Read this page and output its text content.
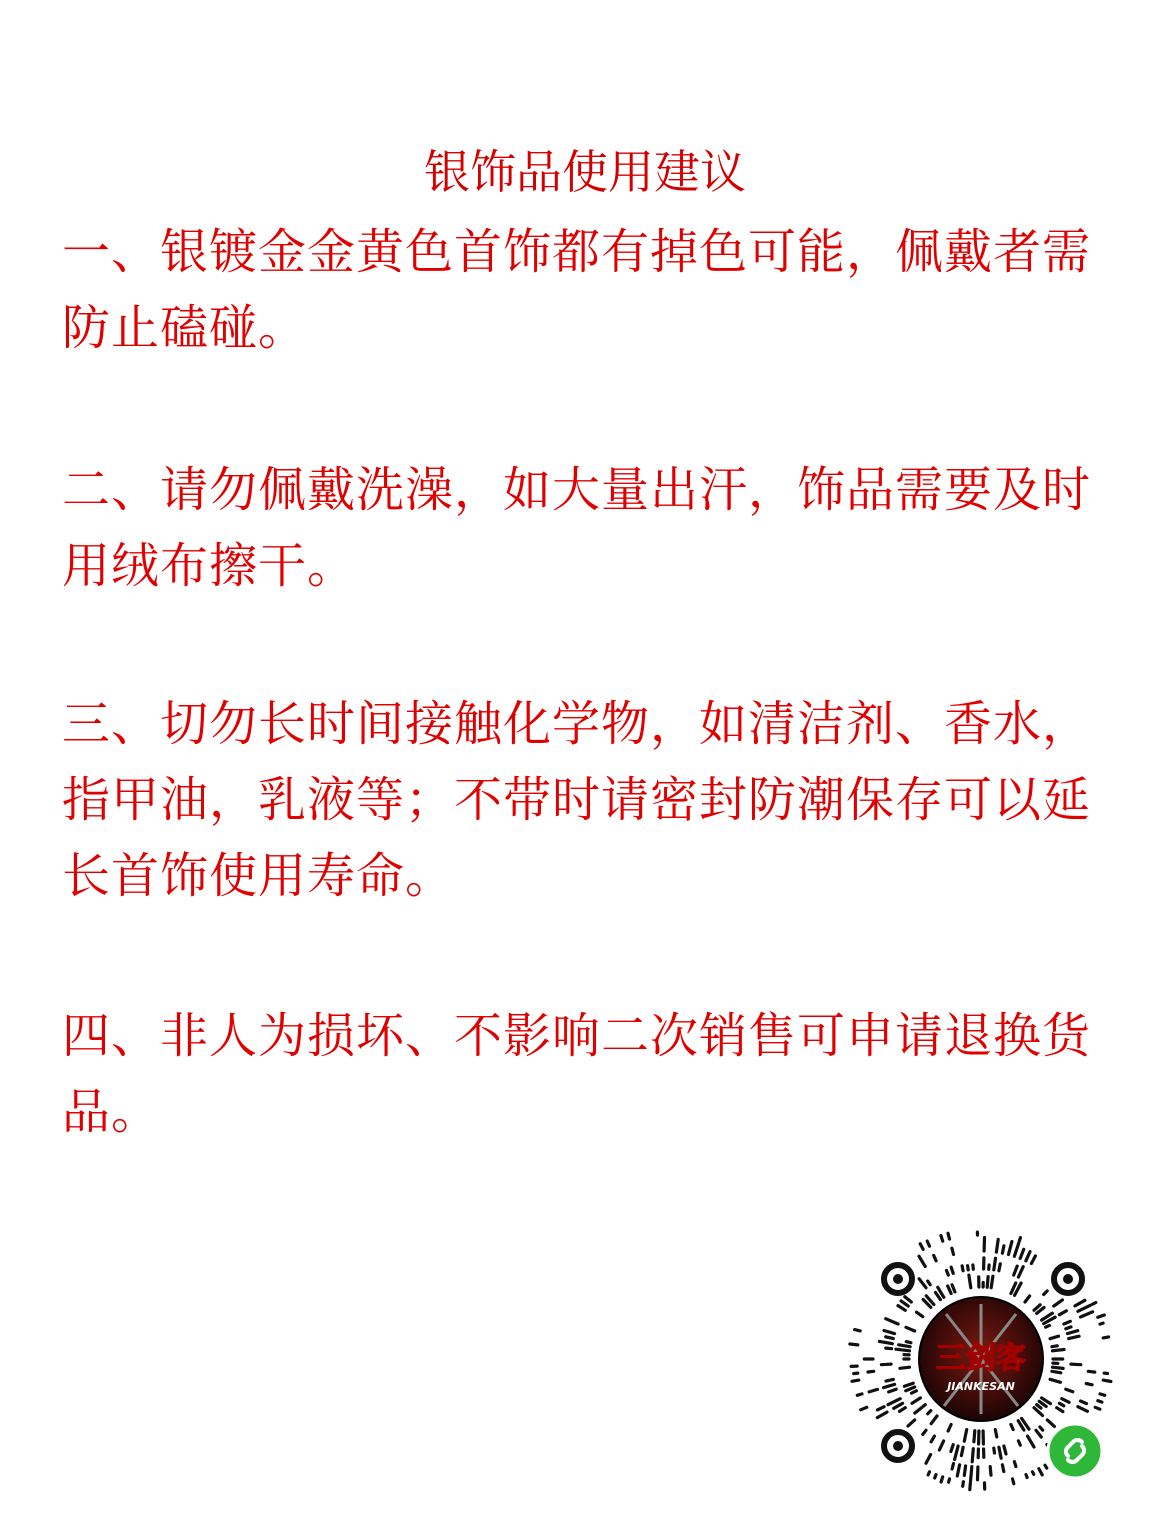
银饰品使用建议
一、银镀金金黄色首饰都有掉色可能，佩戴者需防止磕碰。
二、请勿佩戴洗澡，如大量出汗，饰品需要及时用绒布擦干。
三、切勿长时间接触化学物，如清洁剂、香水，指甲油，乳液等；不带时请密封防潮保存可以延长首饰使用寿命。
四、非人为损坏、不影响二次销售可申请退换货品。
三剑客
JIANKESAN
